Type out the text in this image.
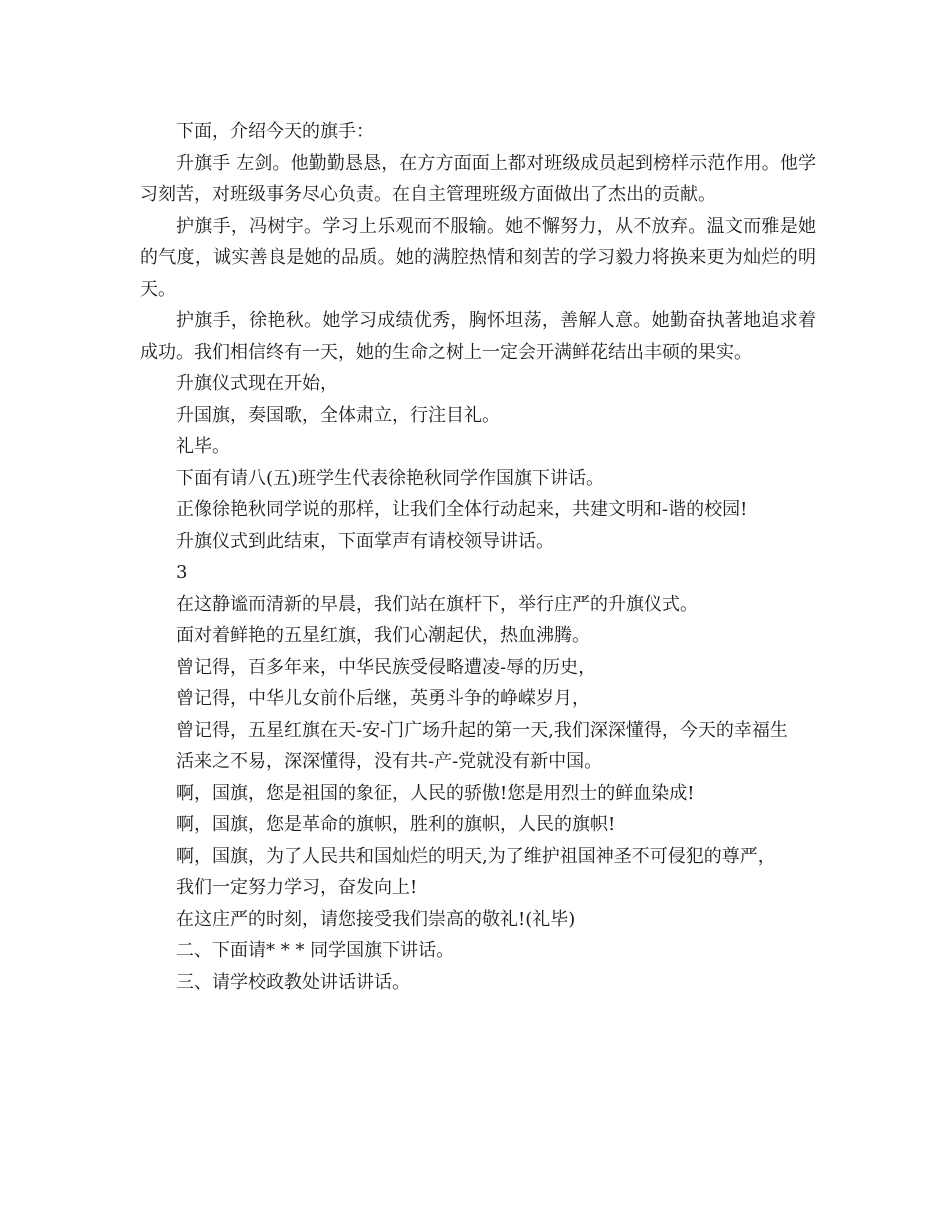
下面，介绍今天的旗手：

升旗手 左剑。他勤勤恳恳，在方方面面上都对班级成员起到榜样示范作用。他学习刻苦，对班级事务尽心负责。在自主管理班级方面做出了杰出的贡献。

护旗手，冯树宇。学习上乐观而不服输。她不懈努力，从不放弃。温文而雅是她的气度，诚实善良是她的品质。她的满腔热情和刻苦的学习毅力将换来更为灿烂的明天。

护旗手，徐艳秋。她学习成绩优秀，胸怀坦荡，善解人意。她勤奋执著地追求着成功。我们相信终有一天，她的生命之树上一定会开满鲜花结出丰硕的果实。

升旗仪式现在开始，

升国旗，奏国歌，全体肃立，行注目礼。

礼毕。

下面有请八(五)班学生代表徐艳秋同学作国旗下讲话。

正像徐艳秋同学说的那样，让我们全体行动起来，共建文明和-谐的校园!

升旗仪式到此结束，下面掌声有请校领导讲话。

3

在这静谧而清新的早晨，我们站在旗杆下，举行庄严的升旗仪式。

面对着鲜艳的五星红旗，我们心潮起伏，热血沸腾。

曾记得，百多年来，中华民族受侵略遭凌-辱的历史，

曾记得，中华儿女前仆后继，英勇斗争的峥嵘岁月，

曾记得，五星红旗在天-安-门广场升起的第一天,我们深深懂得，今天的幸福生

活来之不易，深深懂得，没有共-产-党就没有新中国。

啊，国旗，您是祖国的象征，人民的骄傲!您是用烈士的鲜血染成!

啊，国旗，您是革命的旗帜，胜利的旗帜，人民的旗帜!

啊，国旗，为了人民共和国灿烂的明天,为了维护祖国神圣不可侵犯的尊严，

我们一定努力学习，奋发向上!

在这庄严的时刻，请您接受我们崇高的敬礼!(礼毕)

二、下面请* * * 同学国旗下讲话。

三、请学校政教处讲话讲话。
